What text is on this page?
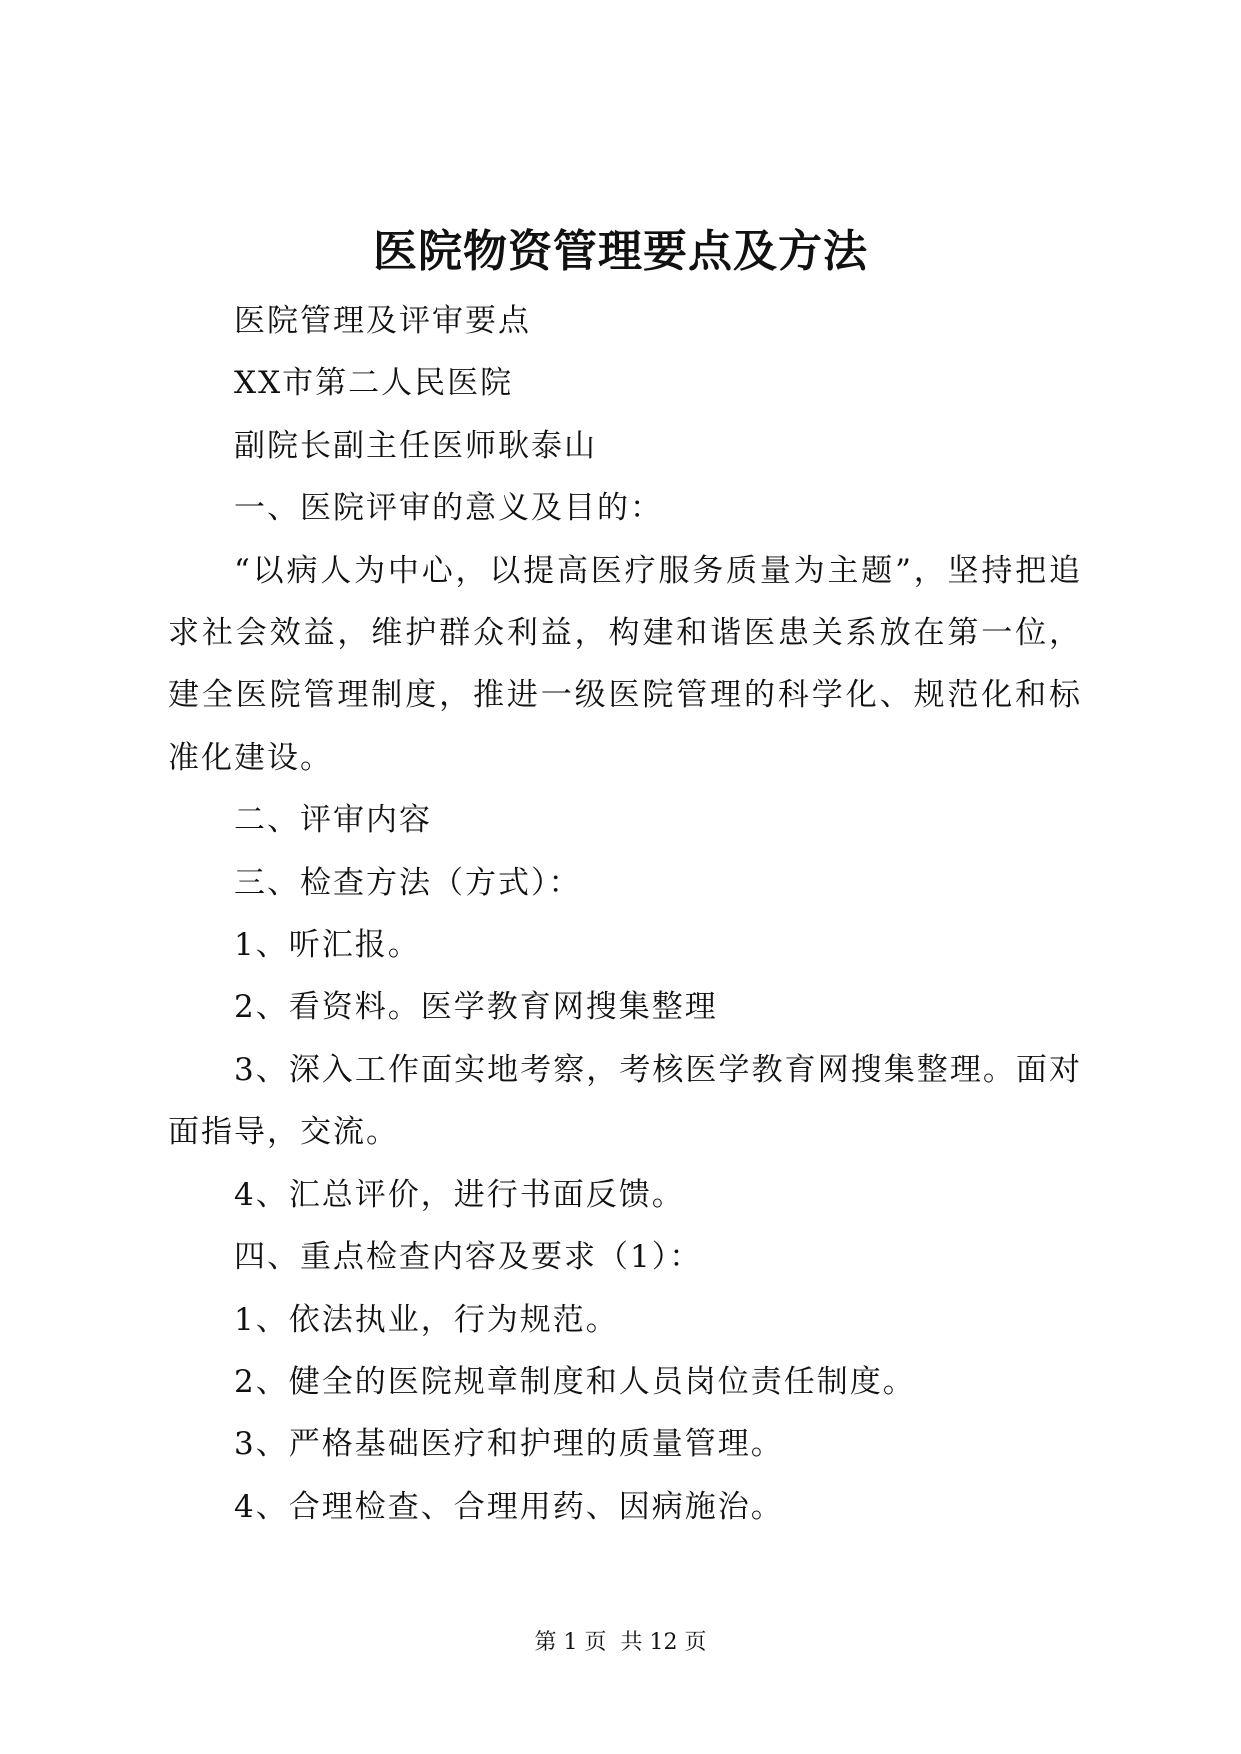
医院物资管理要点及方法

医院管理及评审要点

XX市第二人民医院

副院长副主任医师耿泰山

一、医院评审的意义及目的：

“以病人为中心，以提高医疗服务质量为主题”，坚持把追求社会效益，维护群众利益，构建和谐医患关系放在第一位，建全医院管理制度，推进一级医院管理的科学化、规范化和标准化建设。

二、评审内容

三、检查方法（方式）：

1、听汇报。

2、看资料。医学教育网搜集整理

3、深入工作面实地考察，考核医学教育网搜集整理。面对面指导，交流。

4、汇总评价，进行书面反馈。

四、重点检查内容及要求（1）：

1、依法执业，行为规范。

2、健全的医院规章制度和人员岗位责任制度。

3、严格基础医疗和护理的质量管理。

4、合理检查、合理用药、因病施治。

第 1 页  共 12 页
